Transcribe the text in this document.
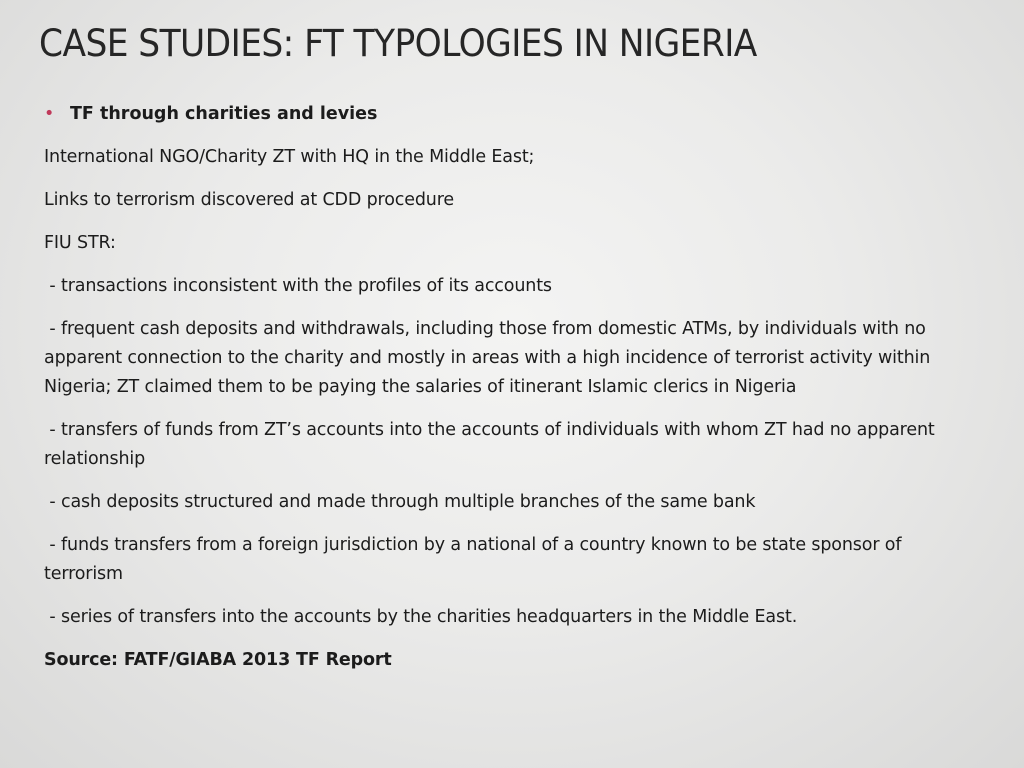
CASE STUDIES: FT TYPOLOGIES IN NIGERIA
• TF through charities and levies

International NGO/Charity ZT with HQ in the Middle East;

Links to terrorism discovered at CDD procedure

FIU STR:

- transactions inconsistent with the profiles of its accounts

- frequent cash deposits and withdrawals, including those from domestic ATMs, by individuals with no apparent connection to the charity and mostly in areas with a high incidence of terrorist activity within Nigeria; ZT claimed them to be paying the salaries of itinerant Islamic clerics in Nigeria

- transfers of funds from ZT’s accounts into the accounts of individuals with whom ZT had no apparent relationship

- cash deposits structured and made through multiple branches of the same bank

- funds transfers from a foreign jurisdiction by a national of a country known to be state sponsor of terrorism

- series of transfers into the accounts by the charities headquarters in the Middle East.

Source: FATF/GIABA 2013 TF Report
